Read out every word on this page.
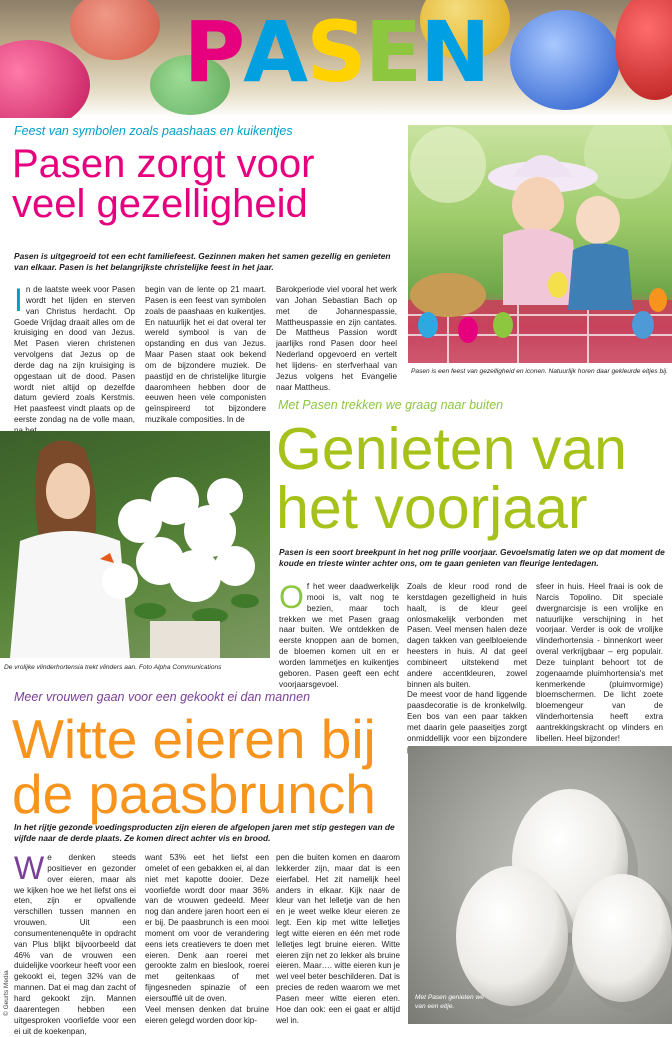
PASEN
Feest van symbolen zoals paashaas en kuikentjes
Pasen zorgt voor
veel gezelligheid
Pasen is uitgegroeid tot een echt familiefeest. Gezinnen maken het samen gezellig en genieten van elkaar. Pasen is het belangrijkste christelijke feest in het jaar.
In de laatste week voor Pasen wordt het lijden en sterven van Christus herdacht. Op Goede Vrijdag draait alles om de kruisiging en dood van Jezus. Met Pasen vieren christenen vervolgens dat Jezus op de derde dag na zijn kruisiging is opgestaan uit de dood. Pasen wordt niet altijd op dezelfde datum gevierd zoals Kerstmis. Het paasfeest vindt plaats op de eerste zondag na de volle maan,
begin van de lente op 21 maart. Pasen is een feest van symbolen zoals de paashaas en kuikentjes. En natuurlijk het ei dat overal ter wereld symbool is van de opstanding en dus van Jezus. Maar Pasen staat ook bekend om de bijzondere muziek. De paastijd en de christelijke liturgie daaromheen hebben door de eeuwen heen vele componisten geïnspireerd tot bijzondere muzikale composities. In de
Barokperiode viel vooral het werk van Johan Sebastian Bach op met de Johannespassie, Mattheuspassie en zijn cantates. De Mattheus Passion wordt jaarlijks rond Pasen door heel Nederland opgevoerd en vertelt het lijdens- en sterfverhaal van Jezus volgens het Evangelie naar Mattheus.
Pasen is een feest van gezelligheid en iconen. Natuurlijk horen daar gekleurde eitjes bij.
De vrolijke vlinderhortensia trekt vlinders aan. Foto Alpha Communications
Met Pasen trekken we graag naar buiten
Genieten van
het voorjaar
Pasen is een soort breekpunt in het nog prille voorjaar. Gevoelsmatig laten we op dat moment de koude en trieste winter achter ons, om te gaan genieten van fleurige lentedagen.
Of het weer daadwerkelijk mooi is, valt nog te bezien, maar toch trekken we met Pasen graag naar buiten. We ontdekken de eerste knoppen aan de bomen, de bloemen komen uit en er worden lammetjes en kuikentjes geboren. Pasen geeft een echt voorjaarsgevoel.

Zoals de kleur rood rond de kerstdagen gezelligheid in huis haalt, is de kleur geel onlosmakelijk verbonden met Pasen. Veel mensen halen deze dagen takken van geelbloeiende heesters in huis. Al dat geel combineert uitstekend met andere accentkleuren, zowel binnen als buiten.

De meest voor de hand liggende paasdecoratie is de kronkelwilg. Een bos van een paar takken met daarin gele paaseitjes zorgt onmiddellijk voor een bijzondere

sfeer in huis. Heel fraai is ook de Narcis Topolino. Dit speciale dwergnarcisje is een vrolijke en natuurlijke verschijning in het voorjaar. Verder is ook de vrolijke vlinderhortensia - binnenkort weer overal verkrijgbaar – erg populair. Deze tuinplant behoort tot de zogenaamde pluimhortensia's met kenmerkende (pluimvormige) bloemschermen. De licht zoete bloemengeur van de vlinderhortensia heeft extra aantrekkingskracht op vlinders en libellen. Heel bijzonder!
Meer vrouwen gaan voor een gekookt ei dan mannen
Witte eieren bij
de paasbrunch
In het rijtje gezonde voedingsproducten zijn eieren de afgelopen jaren met stip gestegen van de vijfde naar de derde plaats. Ze komen direct achter vis en brood.
We denken steeds positiever en gezonder over eieren, maar als we kijken hoe we het liefst ons ei eten, zijn er opvallende verschillen tussen mannen en vrouwen. Uit een consumentenenquête in opdracht van Plus blijkt bijvoorbeeld dat 46% van de vrouwen een duidelijke voorkeur heeft voor een gekookt ei, tegen 32% van de mannen. Dat ei mag dan zacht of hard gekookt zijn. Mannen daarentegen hebben een uitgesproken voorliefde voor een ei uit de koekenpan,

want 53% eet het liefst een omelet of een gebakken ei, al dan niet met kapotte dooier. Deze voorliefde wordt door maar 36% van de vrouwen gedeeld. Meer nog dan andere jaren hoort een ei er bij. De paasbrunch is een mooi moment om voor de verandering eens iets creatievers te doen met eieren. Denk aan roerei met gerookte zalm en bieslook, roerei met geitenkaas of met fijngesneden spinazie of een eiersoufflé uit de oven.

Veel mensen denken dat bruine eieren gelegd worden door kip-

pen die buiten komen en daarom lekkerder zijn, maar dat is een eierfabel. Het zit namelijk heel anders in elkaar. Kijk naar de kleur van het lelletje van de hen en je weet welke kleur eieren ze legt. Een kip met witte lelletjes legt witte eieren en één met rode lelletjes legt bruine eieren. Witte eieren zijn net zo lekker als bruine eieren. Maar…. witte eieren kun je wel veel beter beschilderen. Dat is precies de reden waarom we met Pasen meer witte eieren eten. Hoe dan ook: een ei gaat er altijd wel in.
Met Pasen genieten we van een eitje.
© Geurts Media
